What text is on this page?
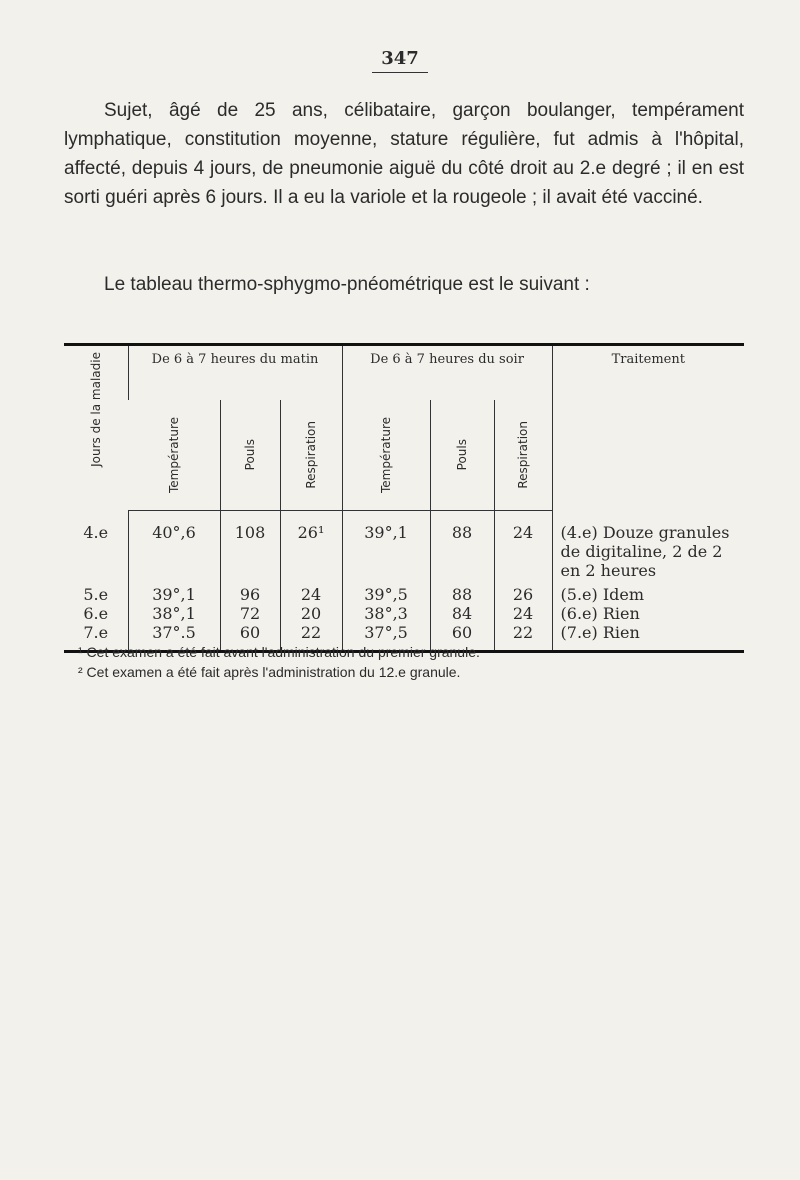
347

Sujet, âgé de 25 ans, célibataire, garçon boulanger, tempérament lymphatique, constitution moyenne, stature régulière, fut admis à l'hôpital, affecté, depuis 4 jours, de pneumonie aiguë du côté droit au 2.e degré ; il en est sorti guéri après 6 jours. Il a eu la variole et la rougeole ; il avait été vacciné.

Le tableau thermo-sphygmo-pnéométrique est le suivant :

Jours de la maladie	De 6 à 7 heures du matin			De 6 à 7 heures du soir			Traitement

	Température	Pouls	Respiration	Température	Pouls	Respiration	

4.e	40°,6	108	26¹	39°,1	88	24	(4.e) Douze granules de digitaline, 2 de 2 en 2 heures
5.e	39°,1	96	24	39°,5	88	26	(5.e) Idem
6.e	38°,1	72	20	38°,3	84	24	(6.e) Rien
7.e	37°.5	60	22	37°,5	60	22	(7.e) Rien
¹ Cet examen a été fait avant l'administration du premier granule.
² Cet examen a été fait après l'administration du 12.e granule.
